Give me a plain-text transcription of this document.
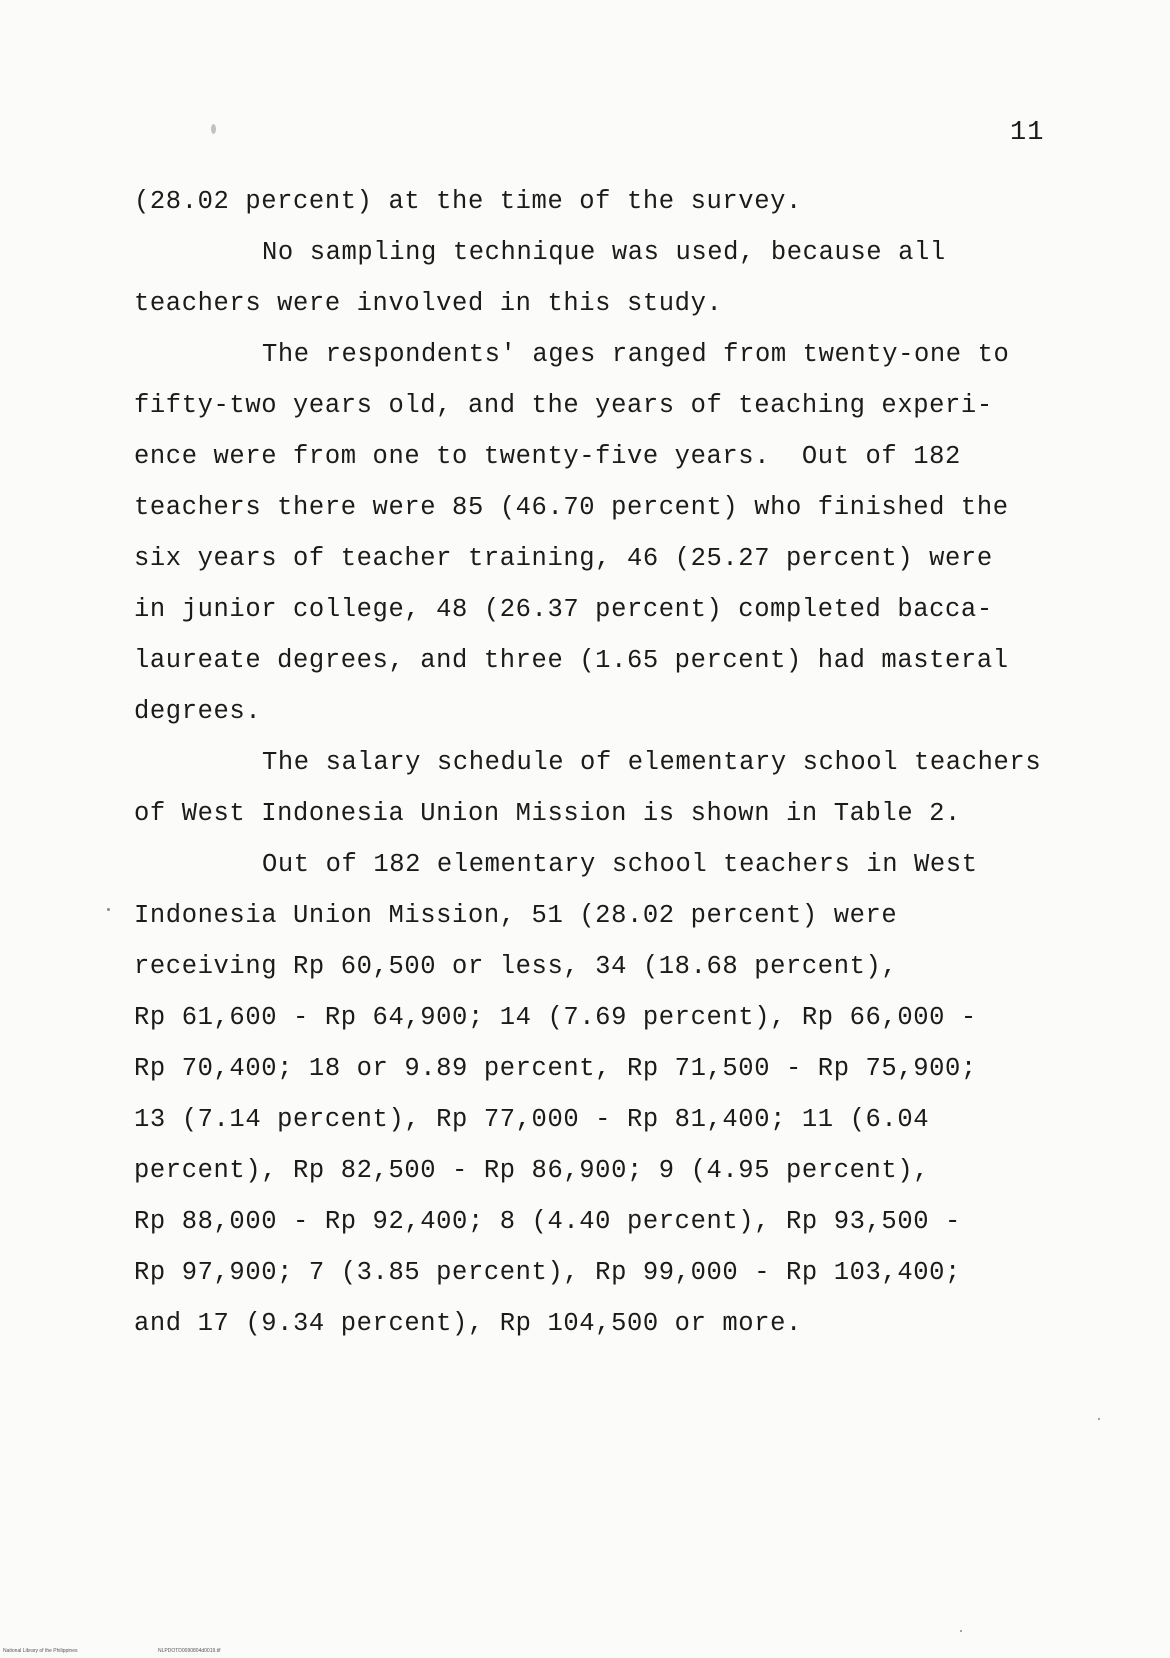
11
(28.02 percent) at the time of the survey.
No sampling technique was used, because all
teachers were involved in this study.
The respondents' ages ranged from twenty-one to
fifty-two years old, and the years of teaching experi-
ence were from one to twenty-five years.  Out of 182
teachers there were 85 (46.70 percent) who finished the
six years of teacher training, 46 (25.27 percent) were
in junior college, 48 (26.37 percent) completed bacca-
laureate degrees, and three (1.65 percent) had masteral
degrees.
The salary schedule of elementary school teachers
of West Indonesia Union Mission is shown in Table 2.
Out of 182 elementary school teachers in West
Indonesia Union Mission, 51 (28.02 percent) were
receiving Rp 60,500 or less, 34 (18.68 percent),
Rp 61,600 - Rp 64,900; 14 (7.69 percent), Rp 66,000 -
Rp 70,400; 18 or 9.89 percent, Rp 71,500 - Rp 75,900;
13 (7.14 percent), Rp 77,000 - Rp 81,400; 11 (6.04
percent), Rp 82,500 - Rp 86,900; 9 (4.95 percent),
Rp 88,000 - Rp 92,400; 8 (4.40 percent), Rp 93,500 -
Rp 97,900; 7 (3.85 percent), Rp 99,000 - Rp 103,400;
and 17 (9.34 percent), Rp 104,500 or more.
National Library of the Philippines	NLPDOTD0090804d0019.tif
